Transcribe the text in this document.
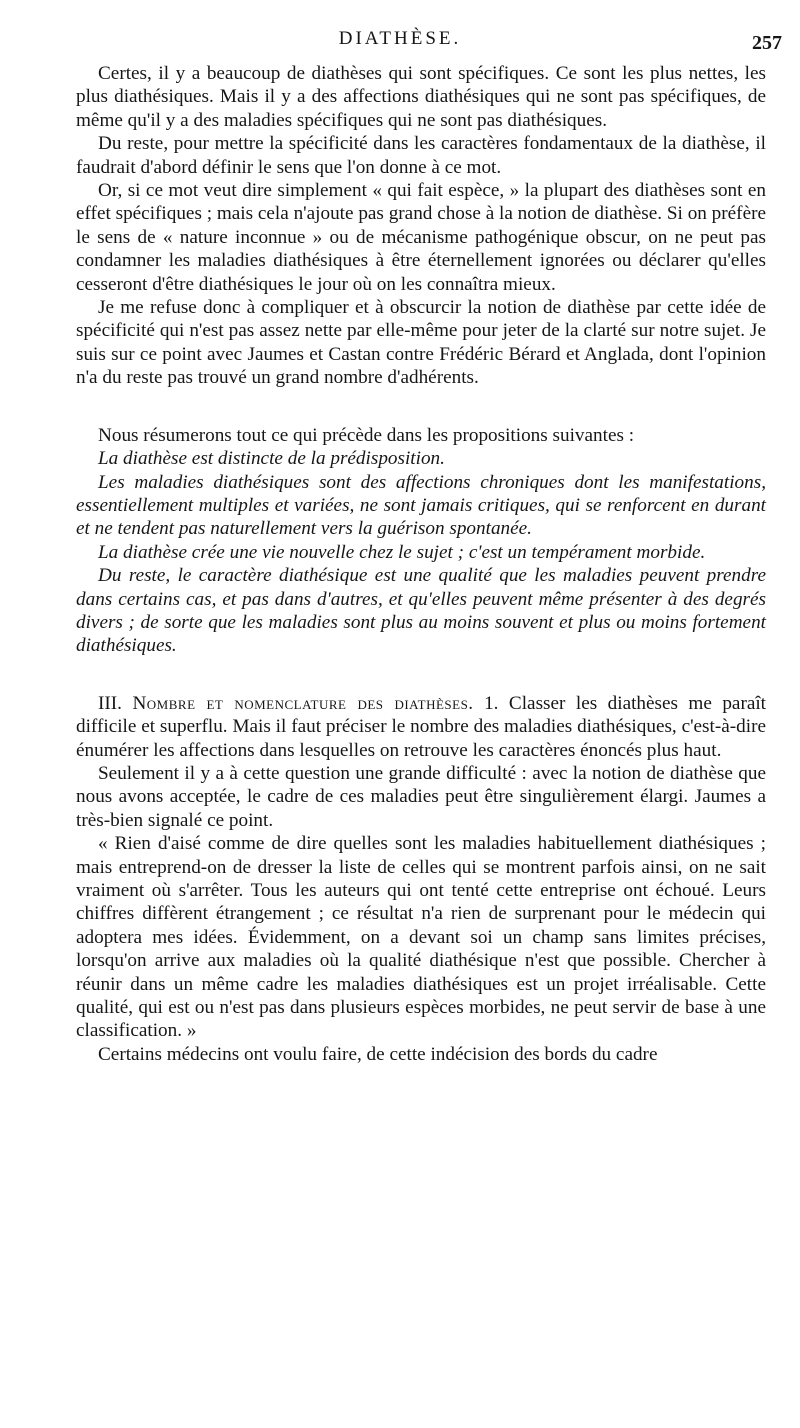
DIATHÈSE.	257

Certes, il y a beaucoup de diathèses qui sont spécifiques. Ce sont les plus nettes, les plus diathésiques. Mais il y a des affections diathésiques qui ne sont pas spécifiques, de même qu'il y a des maladies spécifiques qui ne sont pas diathésiques.

Du reste, pour mettre la spécificité dans les caractères fondamentaux de la diathèse, il faudrait d'abord définir le sens que l'on donne à ce mot.

Or, si ce mot veut dire simplement « qui fait espèce, » la plupart des diathèses sont en effet spécifiques ; mais cela n'ajoute pas grand chose à la notion de diathèse. Si on préfère le sens de « nature inconnue » ou de mécanisme pathogénique obscur, on ne peut pas condamner les maladies diathésiques à être éternellement ignorées ou déclarer qu'elles cesseront d'être diathésiques le jour où on les connaîtra mieux.

Je me refuse donc à compliquer et à obscurcir la notion de diathèse par cette idée de spécificité qui n'est pas assez nette par elle-même pour jeter de la clarté sur notre sujet. Je suis sur ce point avec Jaumes et Castan contre Frédéric Bérard et Anglada, dont l'opinion n'a du reste pas trouvé un grand nombre d'adhérents.

Nous résumerons tout ce qui précède dans les propositions suivantes :

La diathèse est distincte de la prédisposition.

Les maladies diathésiques sont des affections chroniques dont les manifestations, essentiellement multiples et variées, ne sont jamais critiques, qui se renforcent en durant et ne tendent pas naturellement vers la guérison spontanée.

La diathèse crée une vie nouvelle chez le sujet ; c'est un tempérament morbide.

Du reste, le caractère diathésique est une qualité que les maladies peuvent prendre dans certains cas, et pas dans d'autres, et qu'elles peuvent même présenter à des degrés divers ; de sorte que les maladies sont plus au moins souvent et plus ou moins fortement diathésiques.

III. Nombre et nomenclature des diathèses. 1. Classer les diathèses me paraît difficile et superflu. Mais il faut préciser le nombre des maladies diathésiques, c'est-à-dire énumérer les affections dans lesquelles on retrouve les caractères énoncés plus haut.

Seulement il y a à cette question une grande difficulté : avec la notion de diathèse que nous avons acceptée, le cadre de ces maladies peut être singulièrement élargi. Jaumes a très-bien signalé ce point.

« Rien d'aisé comme de dire quelles sont les maladies habituellement diathésiques ; mais entreprend-on de dresser la liste de celles qui se montrent parfois ainsi, on ne sait vraiment où s'arrêter. Tous les auteurs qui ont tenté cette entreprise ont échoué. Leurs chiffres diffèrent étrangement ; ce résultat n'a rien de surprenant pour le médecin qui adoptera mes idées. Évidemment, on a devant soi un champ sans limites précises, lorsqu'on arrive aux maladies où la qualité diathésique n'est que possible. Chercher à réunir dans un même cadre les maladies diathésiques est un projet irréalisable. Cette qualité, qui est ou n'est pas dans plusieurs espèces morbides, ne peut servir de base à une classification. »

Certains médecins ont voulu faire, de cette indécision des bords du cadre
